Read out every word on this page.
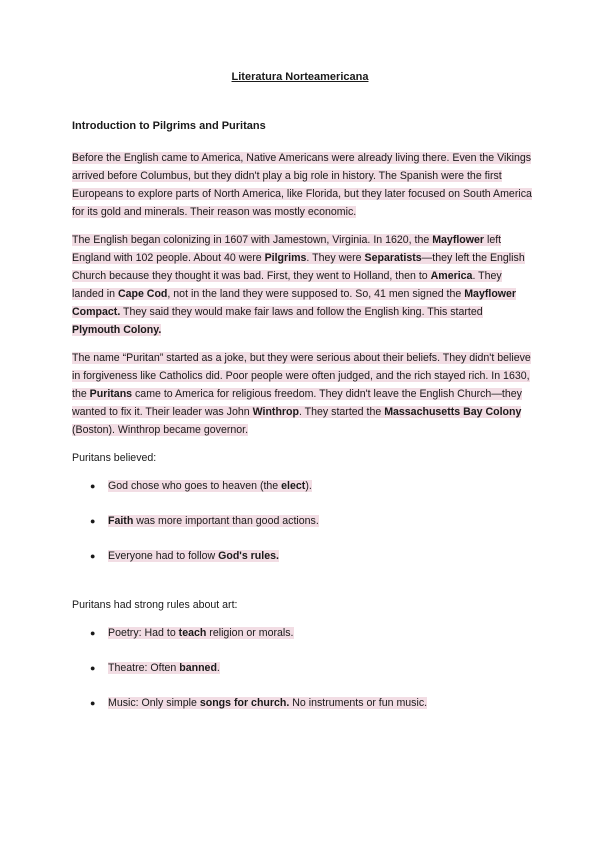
Literatura Norteamericana
Introduction to Pilgrims and Puritans
Before the English came to America, Native Americans were already living there. Even the Vikings arrived before Columbus, but they didn't play a big role in history. The Spanish were the first Europeans to explore parts of North America, like Florida, but they later focused on South America for its gold and minerals. Their reason was mostly economic.
The English began colonizing in 1607 with Jamestown, Virginia. In 1620, the Mayflower left England with 102 people. About 40 were Pilgrims. They were Separatists—they left the English Church because they thought it was bad. First, they went to Holland, then to America. They landed in Cape Cod, not in the land they were supposed to. So, 41 men signed the Mayflower Compact. They said they would make fair laws and follow the English king. This started Plymouth Colony.
The name “Puritan” started as a joke, but they were serious about their beliefs. They didn't believe in forgiveness like Catholics did. Poor people were often judged, and the rich stayed rich. In 1630, the Puritans came to America for religious freedom. They didn't leave the English Church—they wanted to fix it. Their leader was John Winthrop. They started the Massachusetts Bay Colony (Boston). Winthrop became governor.
Puritans believed:
● God chose who goes to heaven (the elect).
● Faith was more important than good actions.
● Everyone had to follow God's rules.
Puritans had strong rules about art:
● Poetry: Had to teach religion or morals.
● Theatre: Often banned.
● Music: Only simple songs for church. No instruments or fun music.
